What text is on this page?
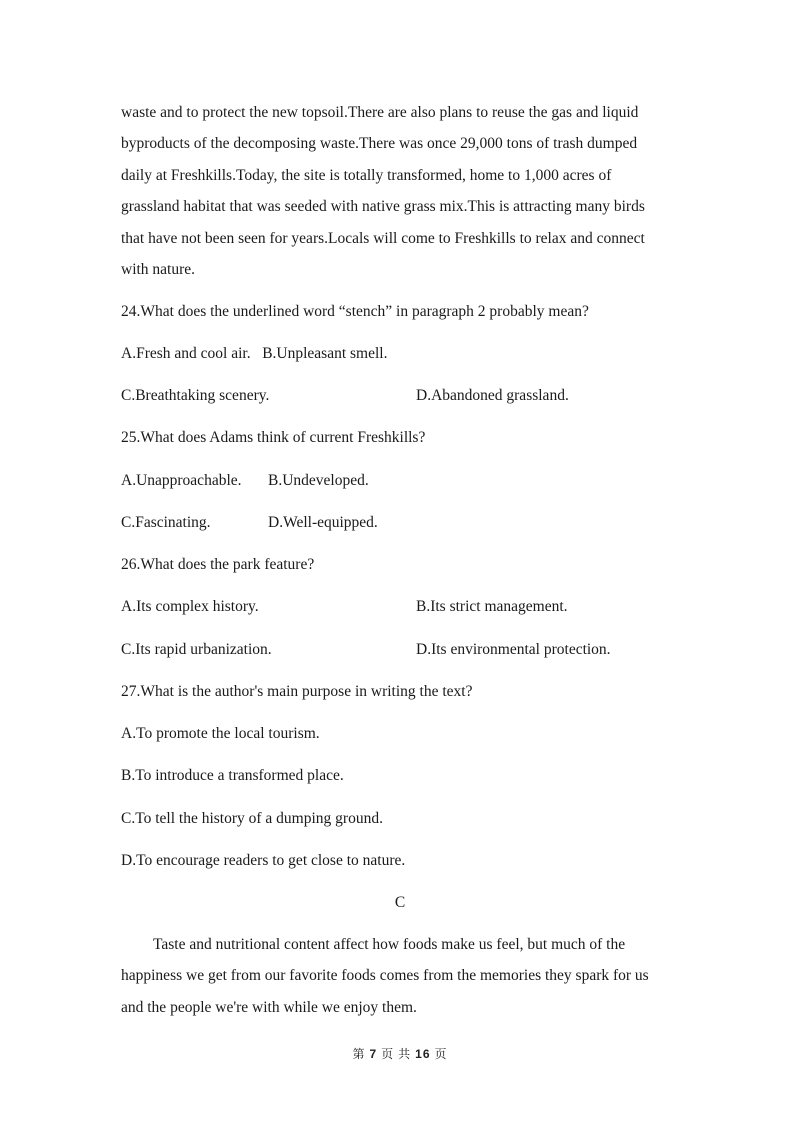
waste and to protect the new topsoil.There are also plans to reuse the gas and liquid
byproducts of the decomposing waste.There was once 29,000 tons of trash dumped
daily at Freshkills.Today, the site is totally transformed, home to 1,000 acres of
grassland habitat that was seeded with native grass mix.This is attracting many birds
that have not been seen for years.Locals will come to Freshkills to relax and connect
with nature.
24.What does the underlined word “stench” in paragraph 2 probably mean?
A.Fresh and cool air. B.Unpleasant smell.
C.Breathtaking scenery.	D.Abandoned grassland.
25.What does Adams think of current Freshkills?
A.Unapproachable. B.Undeveloped.
C.Fascinating.	D.Well-equipped.
26.What does the park feature?
A.Its complex history.	B.Its strict management.
C.Its rapid urbanization.	D.Its environmental protection.
27.What is the author's main purpose in writing the text?
A.To promote the local tourism.
B.To introduce a transformed place.
C.To tell the history of a dumping ground.
D.To encourage readers to get close to nature.
C
Taste and nutritional content affect how foods make us feel, but much of the
happiness we get from our favorite foods comes from the memories they spark for us
and the people we're with while we enjoy them.
第 7 页 共 16 页
